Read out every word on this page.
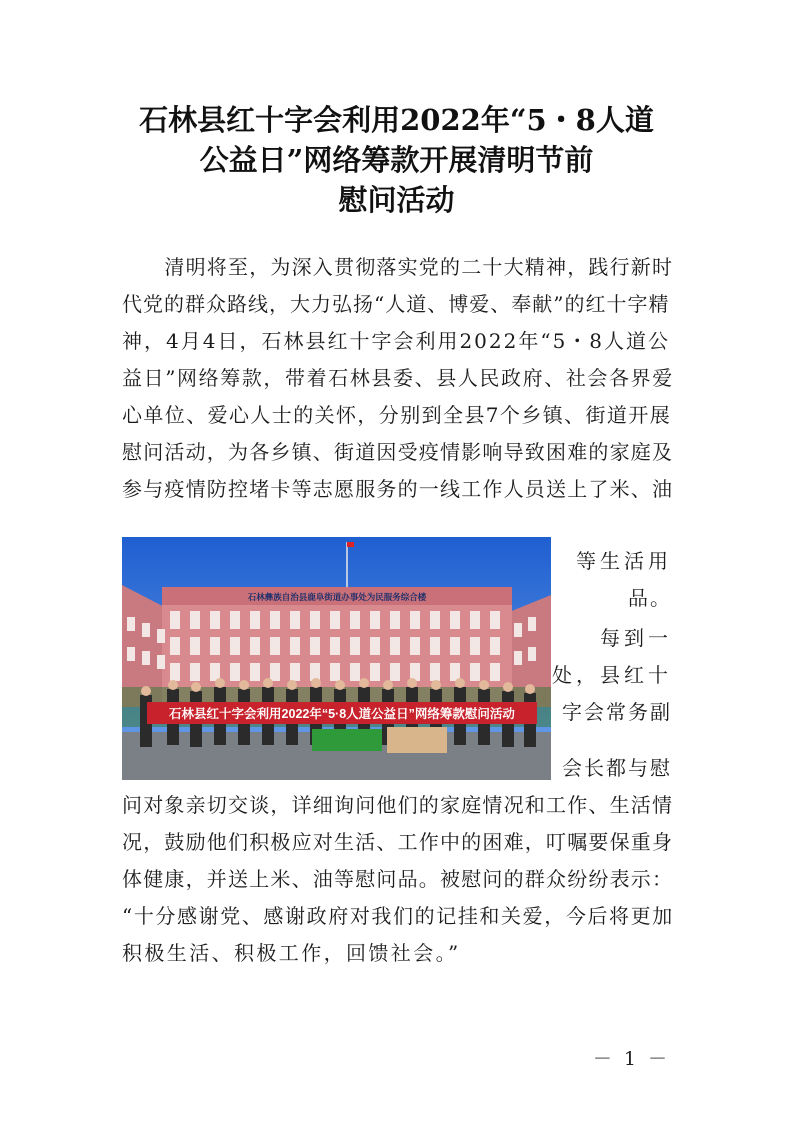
石林县红十字会利用2022年“5・8人道
公益日”网络筹款开展清明节前
慰问活动
　　清明将至，为深入贯彻落实党的二十大精神，践行新时
代党的群众路线，大力弘扬“人道、博爱、奉献”的红十字精
神，4月4日，石林县红十字会利用2022年“5・8人道公
益日”网络筹款，带着石林县委、县人民政府、社会各界爱
心单位、爱心人士的关怀，分别到全县7个乡镇、街道开展
慰问活动，为各乡镇、街道因受疫情影响导致困难的家庭及
参与疫情防控堵卡等志愿服务的一线工作人员送上了米、油
石林彝族自治县鹿阜街道办事处为民服务综合楼
石林县红十字会利用2022年“5·8人道公益日”网络筹款慰问活动
等生活用
品。
每到一
处，县红十
字会常务副
会长都与慰
问对象亲切交谈，详细询问他们的家庭情况和工作、生活情
况，鼓励他们积极应对生活、工作中的困难，叮嘱要保重身
体健康，并送上米、油等慰问品。被慰问的群众纷纷表示：
“十分感谢党、感谢政府对我们的记挂和关爱，今后将更加
积极生活、积极工作，回馈社会。”
－ 1 －
